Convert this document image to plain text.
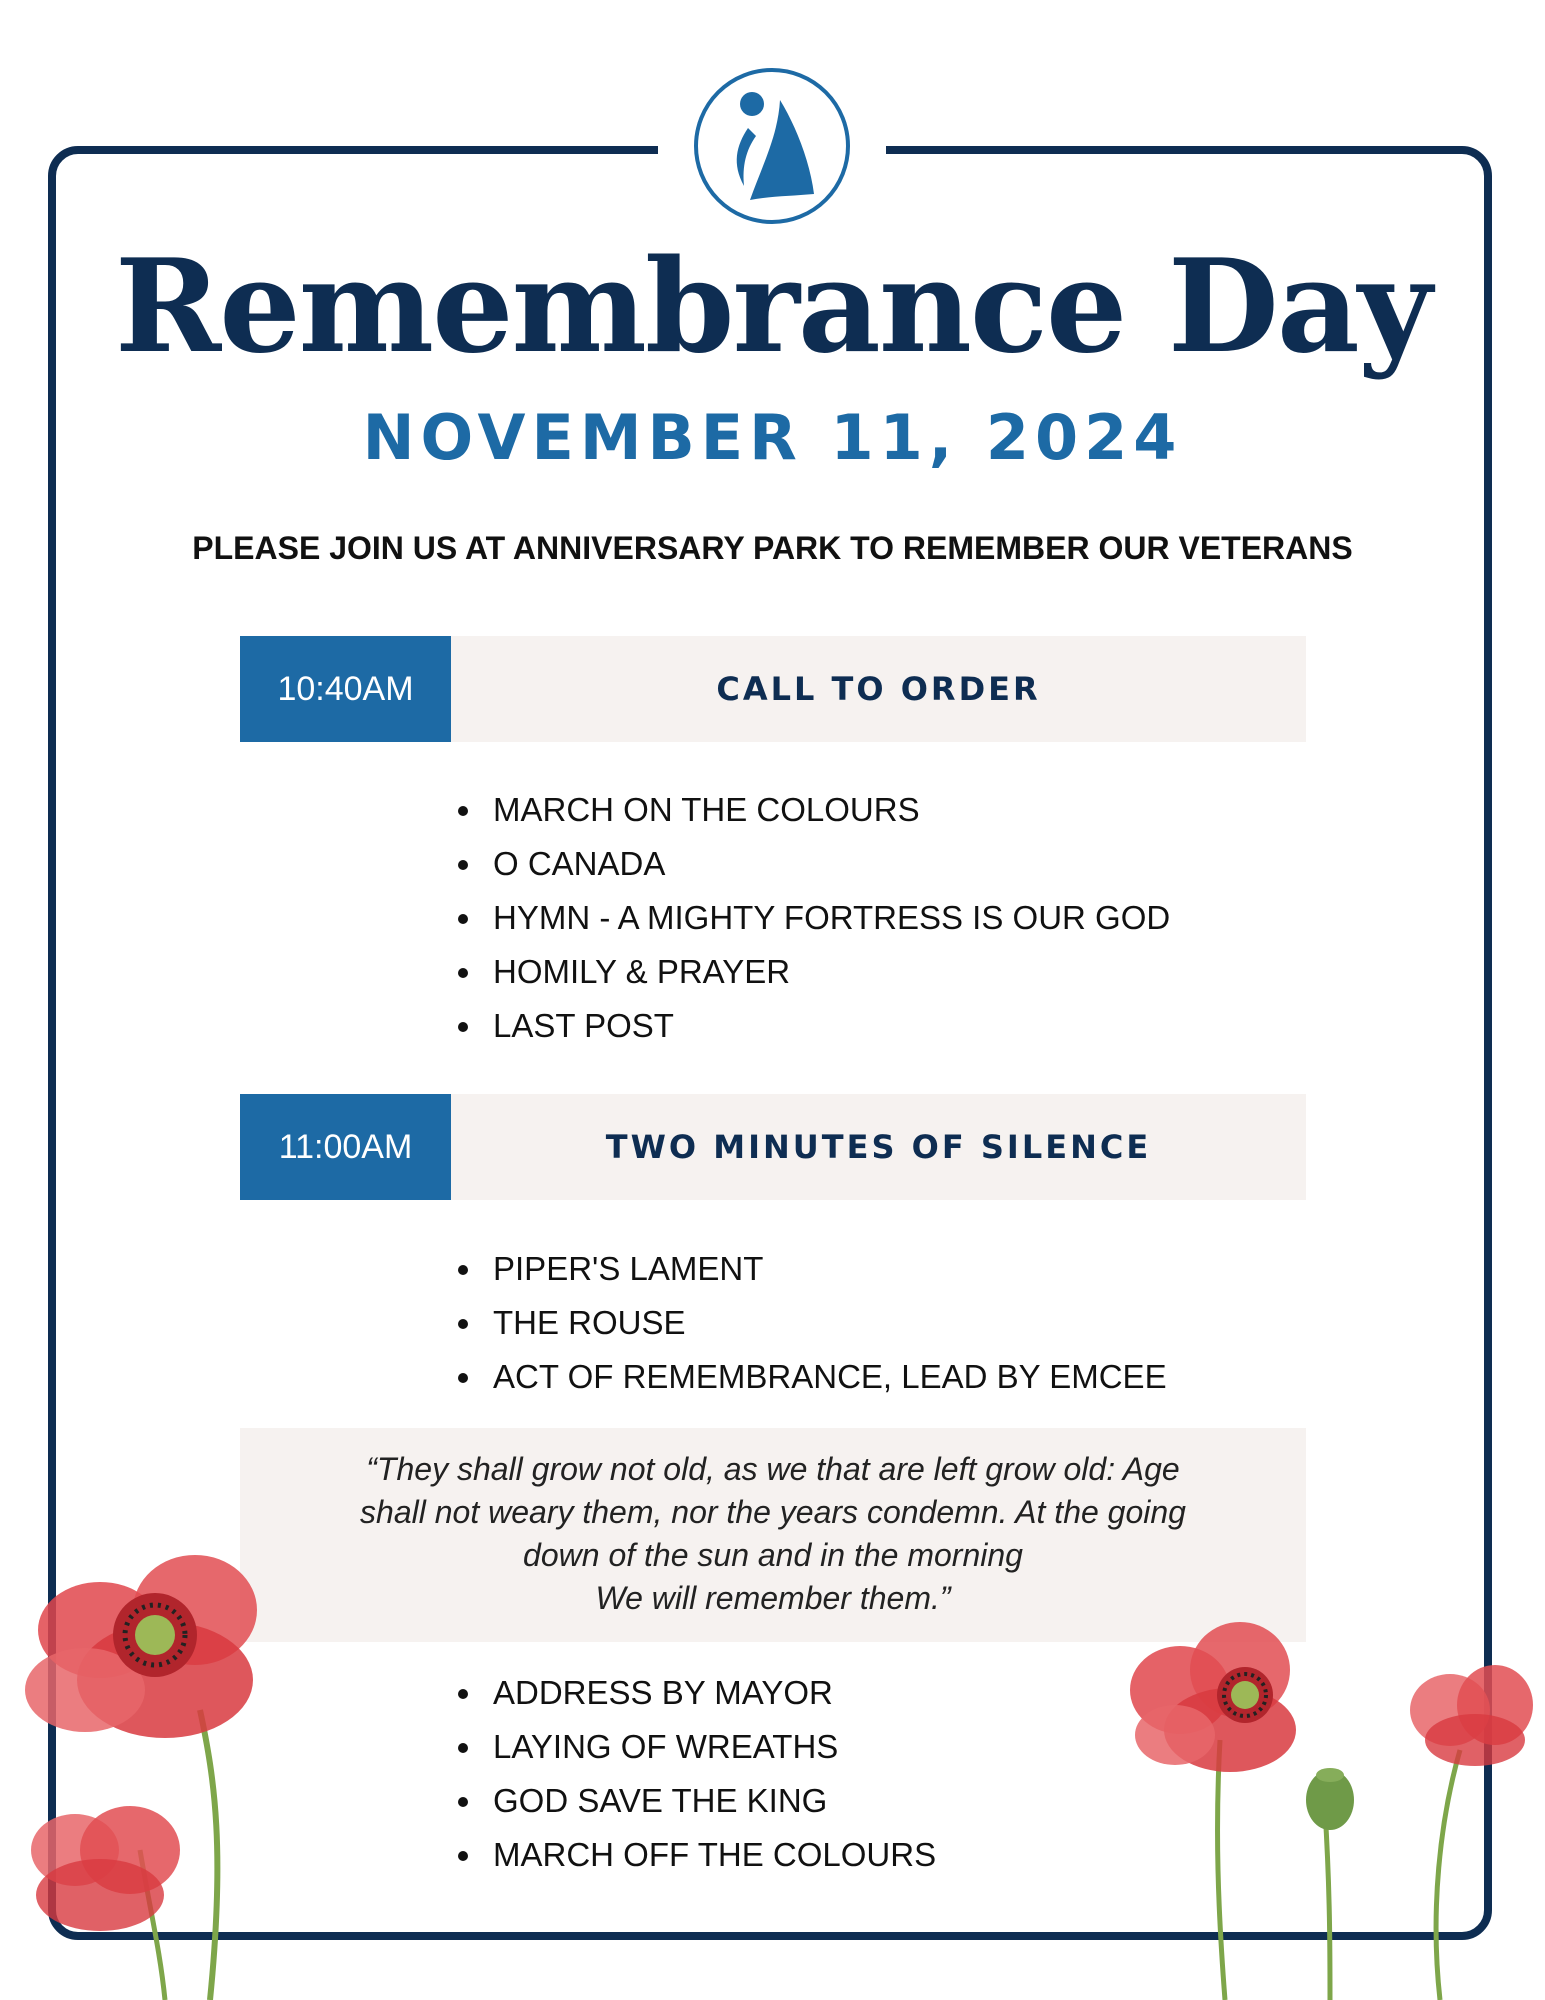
Remembrance Day
NOVEMBER 11, 2024
PLEASE JOIN US AT ANNIVERSARY PARK TO REMEMBER OUR VETERANS
10:40AM	CALL TO ORDER
MARCH ON THE COLOURS
O CANADA
HYMN - A MIGHTY FORTRESS IS OUR GOD
HOMILY & PRAYER
LAST POST
11:00AM	TWO MINUTES OF SILENCE
PIPER'S LAMENT
THE ROUSE
ACT OF REMEMBRANCE, LEAD BY EMCEE
“They shall grow not old, as we that are left grow old: Age
shall not weary them, nor the years condemn. At the going
down of the sun and in the morning
We will remember them.”
ADDRESS BY MAYOR
LAYING OF WREATHS
GOD SAVE THE KING
MARCH OFF THE COLOURS
